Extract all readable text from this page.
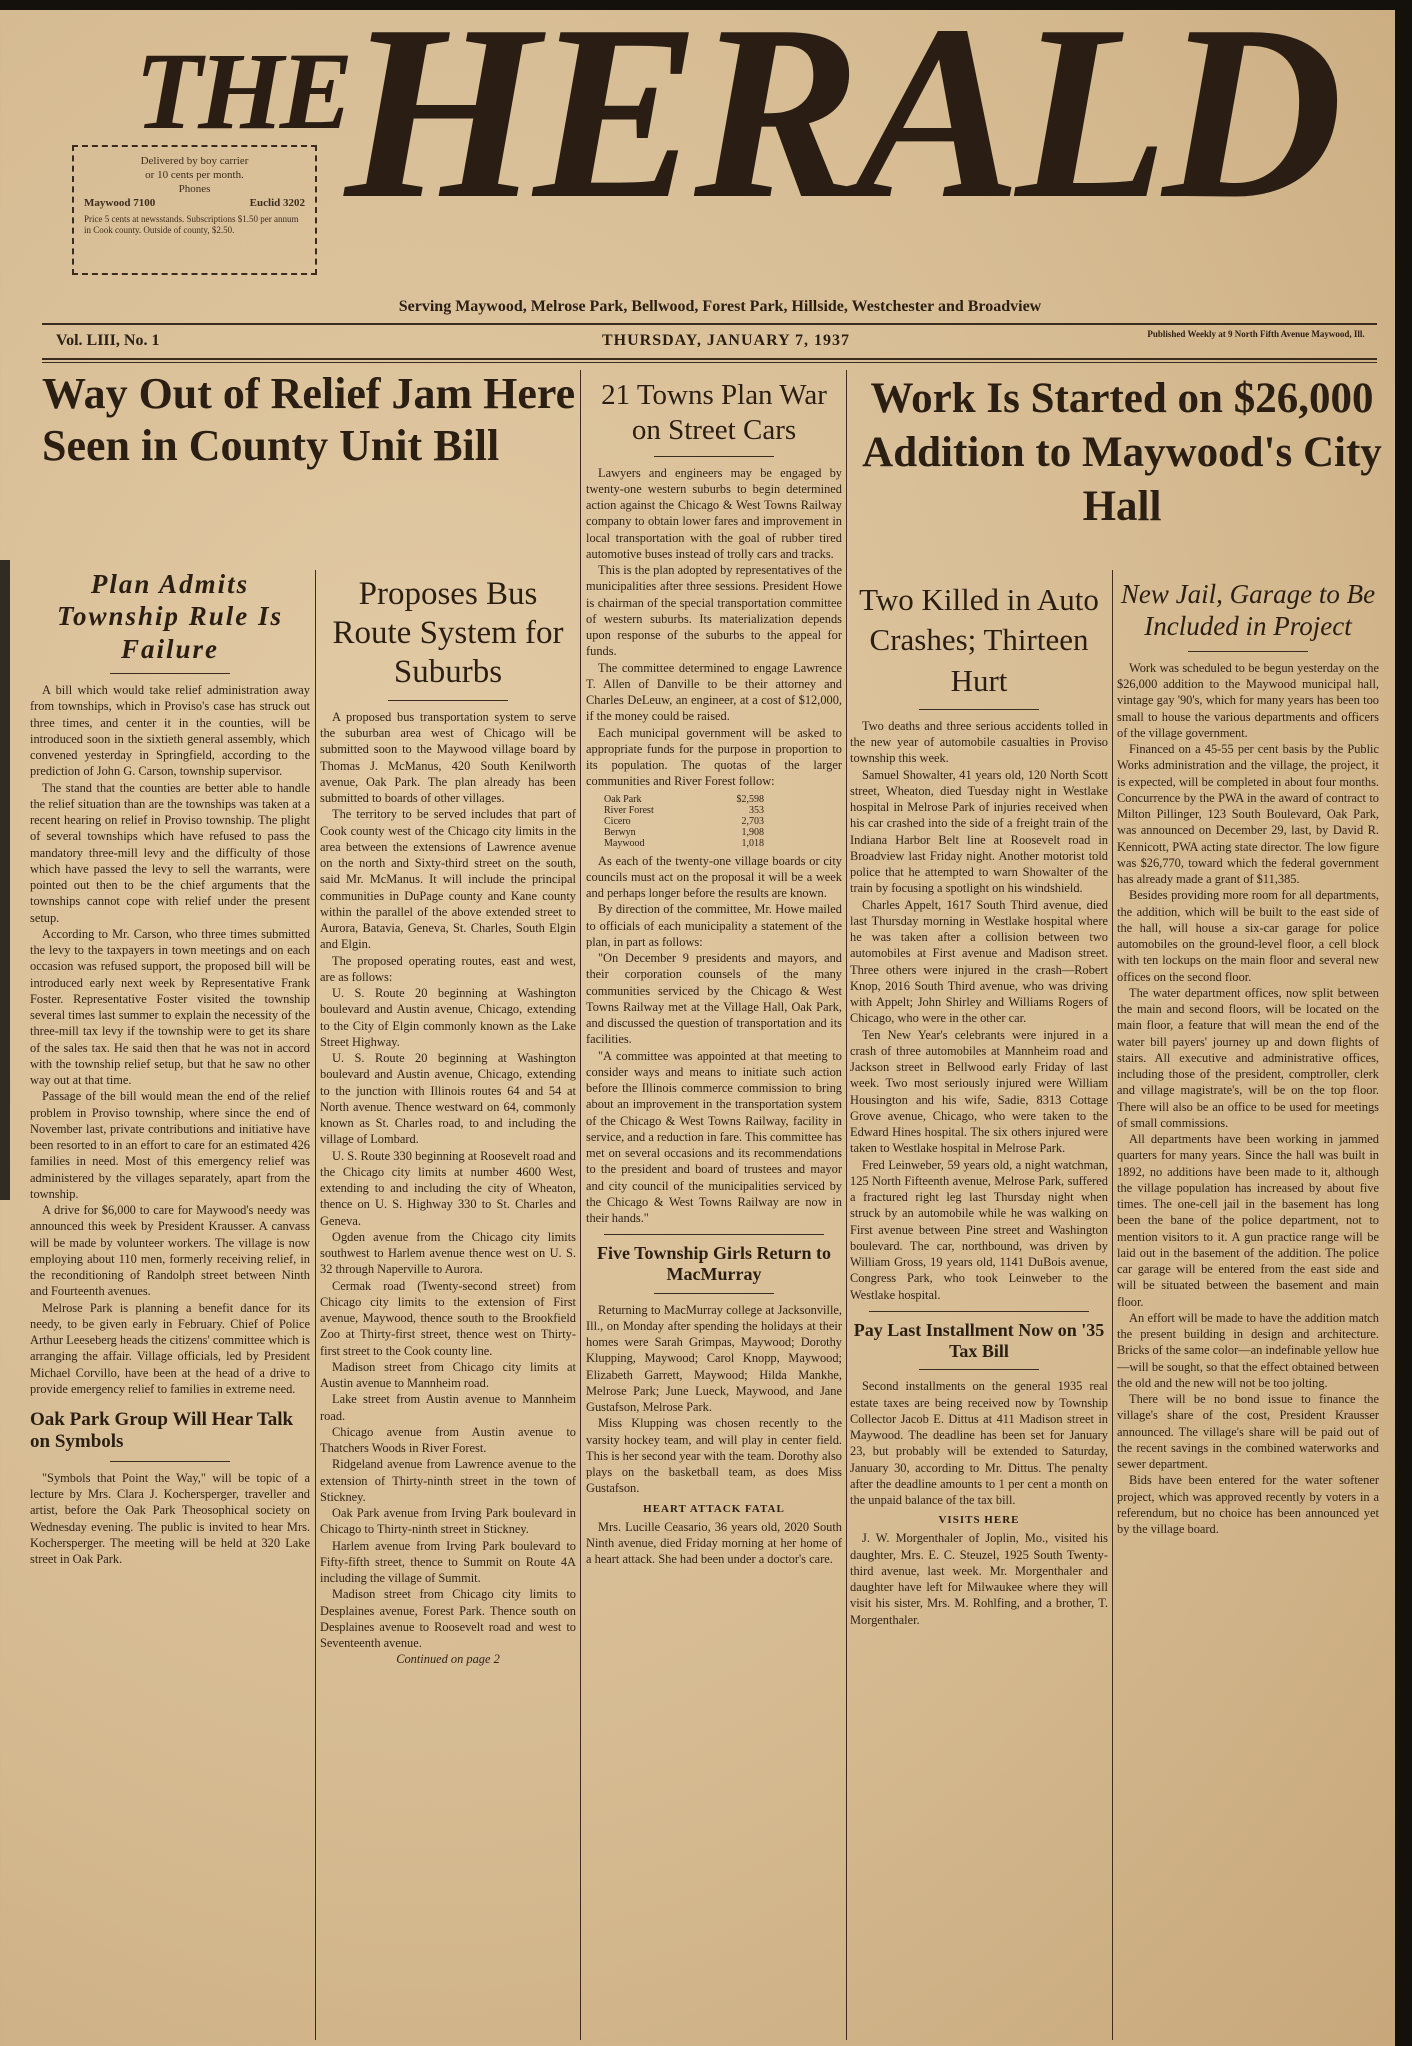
THE
HERALD
Delivered by boy carrier
or 10 cents per month.
Phones
Maywood 7100	Euclid 3202
Price 5 cents at newsstands. Subscriptions $1.50 per annum in Cook county. Outside of county, $2.50.
Serving Maywood, Melrose Park, Bellwood, Forest Park, Hillside, Westchester and Broadview
Vol. LIII, No. 1	THURSDAY, JANUARY 7, 1937	Published Weekly at 9 North Fifth Avenue Maywood, Ill.
Way Out of Relief Jam Here Seen in County Unit Bill
Plan Admits Township Rule Is Failure

A bill which would take relief administration away from townships, which in Proviso's case has struck out three times, and center it in the counties, will be introduced soon in the sixtieth general assembly, which convened yesterday in Springfield, according to the prediction of John G. Carson, township supervisor.

The stand that the counties are better able to handle the relief situation than are the townships was taken at a recent hearing on relief in Proviso township. The plight of several townships which have refused to pass the mandatory three-mill levy and the difficulty of those which have passed the levy to sell the warrants, were pointed out then to be the chief arguments that the townships cannot cope with relief under the present setup.

According to Mr. Carson, who three times submitted the levy to the taxpayers in town meetings and on each occasion was refused support, the proposed bill will be introduced early next week by Representative Frank Foster. Representative Foster visited the township several times last summer to explain the necessity of the three-mill tax levy if the township were to get its share of the sales tax. He said then that he was not in accord with the township relief setup, but that he saw no other way out at that time.

Passage of the bill would mean the end of the relief problem in Proviso township, where since the end of November last, private contributions and initiative have been resorted to in an effort to care for an estimated 426 families in need. Most of this emergency relief was administered by the villages separately, apart from the township.

A drive for $6,000 to care for Maywood's needy was announced this week by President Krausser. A canvass will be made by volunteer workers. The village is now employing about 110 men, formerly receiving relief, in the reconditioning of Randolph street between Ninth and Fourteenth avenues.

Melrose Park is planning a benefit dance for its needy, to be given early in February. Chief of Police Arthur Leeseberg heads the citizens' committee which is arranging the affair. Village officials, led by President Michael Corvillo, have been at the head of a drive to provide emergency relief to families in extreme need.

Oak Park Group Will Hear Talk on Symbols

"Symbols that Point the Way," will be topic of a lecture by Mrs. Clara J. Kochersperger, traveller and artist, before the Oak Park Theosophical society on Wednesday evening. The public is invited to hear Mrs. Kochersperger. The meeting will be held at 320 Lake street in Oak Park.

Proposes Bus Route System for Suburbs

A proposed bus transportation system to serve the suburban area west of Chicago will be submitted soon to the Maywood village board by Thomas J. McManus, 420 South Kenilworth avenue, Oak Park. The plan already has been submitted to boards of other villages.

The territory to be served includes that part of Cook county west of the Chicago city limits in the area between the extensions of Lawrence avenue on the north and Sixty-third street on the south, said Mr. McManus. It will include the principal communities in DuPage county and Kane county within the parallel of the above extended street to Aurora, Batavia, Geneva, St. Charles, South Elgin and Elgin.

The proposed operating routes, east and west, are as follows:

U. S. Route 20 beginning at Washington boulevard and Austin avenue, Chicago, extending to the City of Elgin commonly known as the Lake Street Highway.

U. S. Route 20 beginning at Washington boulevard and Austin avenue, Chicago, extending to the junction with Illinois routes 64 and 54 at North avenue. Thence westward on 64, commonly known as St. Charles road, to and including the village of Lombard.

U. S. Route 330 beginning at Roosevelt road and the Chicago city limits at number 4600 West, extending to and including the city of Wheaton, thence on U. S. Highway 330 to St. Charles and Geneva.

Ogden avenue from the Chicago city limits southwest to Harlem avenue thence west on U. S. 32 through Naperville to Aurora.

Cermak road (Twenty-second street) from Chicago city limits to the extension of First avenue, Maywood, thence south to the Brookfield Zoo at Thirty-first street, thence west on Thirty-first street to the Cook county line.

Madison street from Chicago city limits at Austin avenue to Mannheim road.

Lake street from Austin avenue to Mannheim road.

Chicago avenue from Austin avenue to Thatchers Woods in River Forest.

Ridgeland avenue from Lawrence avenue to the extension of Thirty-ninth street in the town of Stickney.

Oak Park avenue from Irving Park boulevard in Chicago to Thirty-ninth street in Stickney.

Harlem avenue from Irving Park boulevard to Fifty-fifth street, thence to Summit on Route 4A including the village of Summit.

Madison street from Chicago city limits to Desplaines avenue, Forest Park. Thence south on Desplaines avenue to Roosevelt road and west to Seventeenth avenue.

Continued on page 2

21 Towns Plan War on Street Cars

Lawyers and engineers may be engaged by twenty-one western suburbs to begin determined action against the Chicago & West Towns Railway company to obtain lower fares and improvement in local transportation with the goal of rubber tired automotive buses instead of trolly cars and tracks.

This is the plan adopted by representatives of the municipalities after three sessions. President Howe is chairman of the special transportation committee of western suburbs. Its materialization depends upon response of the suburbs to the appeal for funds.

The committee determined to engage Lawrence T. Allen of Danville to be their attorney and Charles DeLeuw, an engineer, at a cost of $12,000, if the money could be raised.

Each municipal government will be asked to appropriate funds for the purpose in proportion to its population. The quotas of the larger communities and River Forest follow:

Oak Park	$2,598
River Forest	353
Cicero	2,703
Berwyn	1,908
Maywood	1,018

As each of the twenty-one village boards or city councils must act on the proposal it will be a week and perhaps longer before the results are known.

By direction of the committee, Mr. Howe mailed to officials of each municipality a statement of the plan, in part as follows:

"On December 9 presidents and mayors, and their corporation counsels of the many communities serviced by the Chicago & West Towns Railway met at the Village Hall, Oak Park, and discussed the question of transportation and its facilities.

"A committee was appointed at that meeting to consider ways and means to initiate such action before the Illinois commerce commission to bring about an improvement in the transportation system of the Chicago & West Towns Railway, facility in service, and a reduction in fare. This committee has met on several occasions and its recommendations to the president and board of trustees and mayor and city council of the municipalities serviced by the Chicago & West Towns Railway are now in their hands."

Five Township Girls Return to MacMurray

Returning to MacMurray college at Jacksonville, Ill., on Monday after spending the holidays at their homes were Sarah Grimpas, Maywood; Dorothy Klupping, Maywood; Carol Knopp, Maywood; Elizabeth Garrett, Maywood; Hilda Mankhe, Melrose Park; June Lueck, Maywood, and Jane Gustafson, Melrose Park.

Miss Klupping was chosen recently to the varsity hockey team, and will play in center field. This is her second year with the team. Dorothy also plays on the basketball team, as does Miss Gustafson.

HEART ATTACK FATAL

Mrs. Lucille Ceasario, 36 years old, 2020 South Ninth avenue, died Friday morning at her home of a heart attack. She had been under a doctor's care.

Work Is Started on $26,000 Addition to Maywood's City Hall
Two Killed in Auto Crashes; Thirteen Hurt

Two deaths and three serious accidents tolled in the new year of automobile casualties in Proviso township this week.

Samuel Showalter, 41 years old, 120 North Scott street, Wheaton, died Tuesday night in Westlake hospital in Melrose Park of injuries received when his car crashed into the side of a freight train of the Indiana Harbor Belt line at Roosevelt road in Broadview last Friday night. Another motorist told police that he attempted to warn Showalter of the train by focusing a spotlight on his windshield.

Charles Appelt, 1617 South Third avenue, died last Thursday morning in Westlake hospital where he was taken after a collision between two automobiles at First avenue and Madison street. Three others were injured in the crash—Robert Knop, 2016 South Third avenue, who was driving with Appelt; John Shirley and Williams Rogers of Chicago, who were in the other car.

Ten New Year's celebrants were injured in a crash of three automobiles at Mannheim road and Jackson street in Bellwood early Friday of last week. Two most seriously injured were William Housington and his wife, Sadie, 8313 Cottage Grove avenue, Chicago, who were taken to the Edward Hines hospital. The six others injured were taken to Westlake hospital in Melrose Park.

Fred Leinweber, 59 years old, a night watchman, 125 North Fifteenth avenue, Melrose Park, suffered a fractured right leg last Thursday night when struck by an automobile while he was walking on First avenue between Pine street and Washington boulevard. The car, northbound, was driven by William Gross, 19 years old, 1141 DuBois avenue, Congress Park, who took Leinweber to the Westlake hospital.

Pay Last Installment Now on '35 Tax Bill

Second installments on the general 1935 real estate taxes are being received now by Township Collector Jacob E. Dittus at 411 Madison street in Maywood. The deadline has been set for January 23, but probably will be extended to Saturday, January 30, according to Mr. Dittus. The penalty after the deadline amounts to 1 per cent a month on the unpaid balance of the tax bill.

VISITS HERE

J. W. Morgenthaler of Joplin, Mo., visited his daughter, Mrs. E. C. Steuzel, 1925 South Twenty-third avenue, last week. Mr. Morgenthaler and daughter have left for Milwaukee where they will visit his sister, Mrs. M. Rohlfing, and a brother, T. Morgenthaler.

New Jail, Garage to Be Included in Project

Work was scheduled to be begun yesterday on the $26,000 addition to the Maywood municipal hall, vintage gay '90's, which for many years has been too small to house the various departments and officers of the village government.

Financed on a 45-55 per cent basis by the Public Works administration and the village, the project, it is expected, will be completed in about four months. Concurrence by the PWA in the award of contract to Milton Pillinger, 123 South Boulevard, Oak Park, was announced on December 29, last, by David R. Kennicott, PWA acting state director. The low figure was $26,770, toward which the federal government has already made a grant of $11,385.

Besides providing more room for all departments, the addition, which will be built to the east side of the hall, will house a six-car garage for police automobiles on the ground-level floor, a cell block with ten lockups on the main floor and several new offices on the second floor.

The water department offices, now split between the main and second floors, will be located on the main floor, a feature that will mean the end of the water bill payers' journey up and down flights of stairs. All executive and administrative offices, including those of the president, comptroller, clerk and village magistrate's, will be on the top floor. There will also be an office to be used for meetings of small commissions.

All departments have been working in jammed quarters for many years. Since the hall was built in 1892, no additions have been made to it, although the village population has increased by about five times. The one-cell jail in the basement has long been the bane of the police department, not to mention visitors to it. A gun practice range will be laid out in the basement of the addition. The police car garage will be entered from the east side and will be situated between the basement and main floor.

An effort will be made to have the addition match the present building in design and architecture. Bricks of the same color—an indefinable yellow hue—will be sought, so that the effect obtained between the old and the new will not be too jolting.

There will be no bond issue to finance the village's share of the cost, President Krausser announced. The village's share will be paid out of the recent savings in the combined waterworks and sewer department.

Bids have been entered for the water softener project, which was approved recently by voters in a referendum, but no choice has been announced yet by the village board.
